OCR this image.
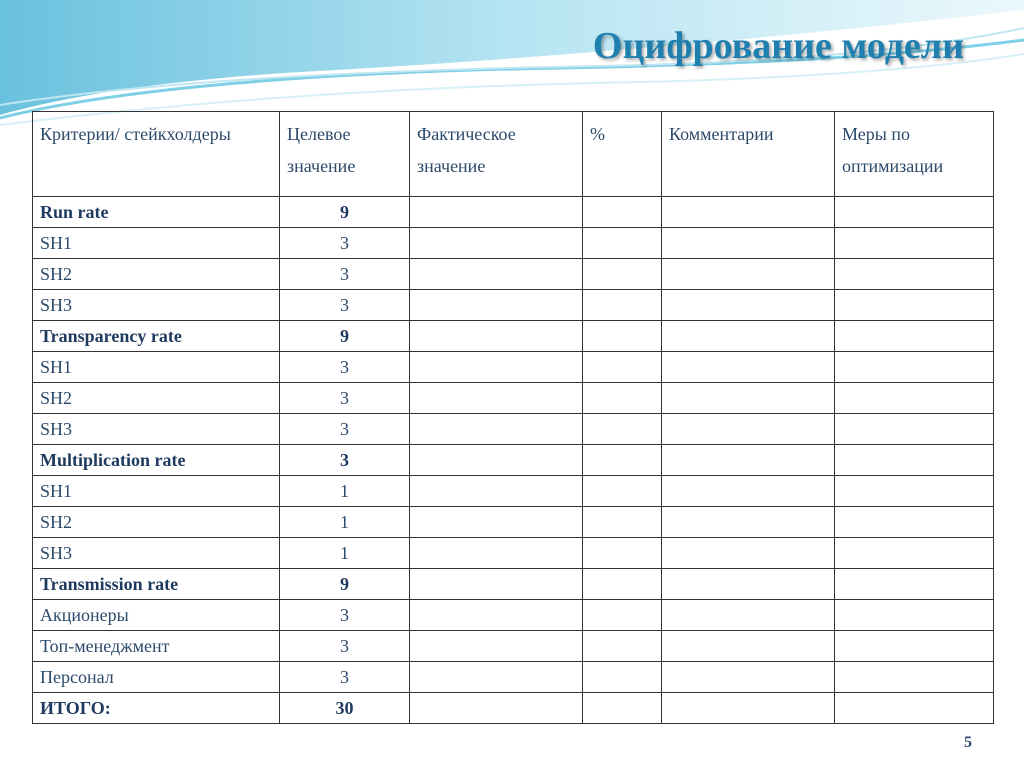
Оцифрование модели
Критерии/ стейкхолдеры	Целевое значение	Фактическое значение	%	Комментарии	Меры по оптимизации
Run rate	9				
SH1	3				
SH2	3				
SH3	3				
Transparency rate	9				
SH1	3				
SH2	3				
SH3	3				
Multiplication rate	3				
SH1	1				
SH2	1				
SH3	1				
Transmission rate	9				
Акционеры	3				
Топ-менеджмент	3				
Персонал	3				
ИТОГО:	30				
5
